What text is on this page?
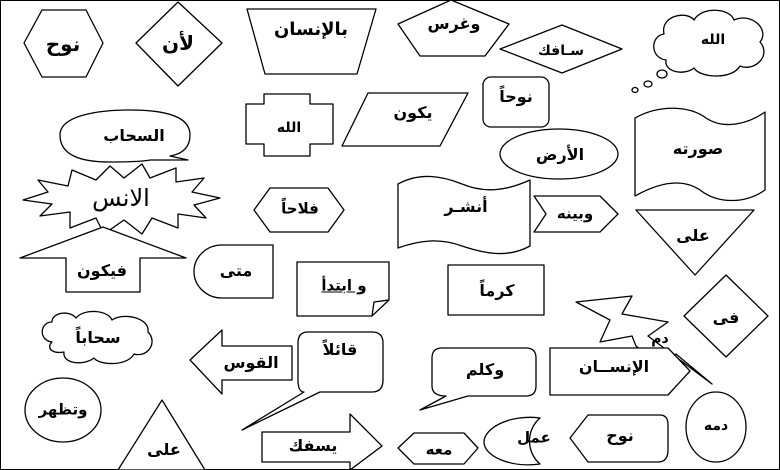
نوح	لأن
بالإنسان	وغرس
الله
سـافك
نوحاً
الله
يكون
السحاب
الأرض	صورته
الانس	فلاحاً	أنشـر	وبينه
على
فيكون	متى
و ابتدأ	كرماً
فى
دم
سحاباً
القوس
قائلاً
وكلم	الإنســان
وتظهر
على	يسفك	معه
عمل	نوح	دمه
